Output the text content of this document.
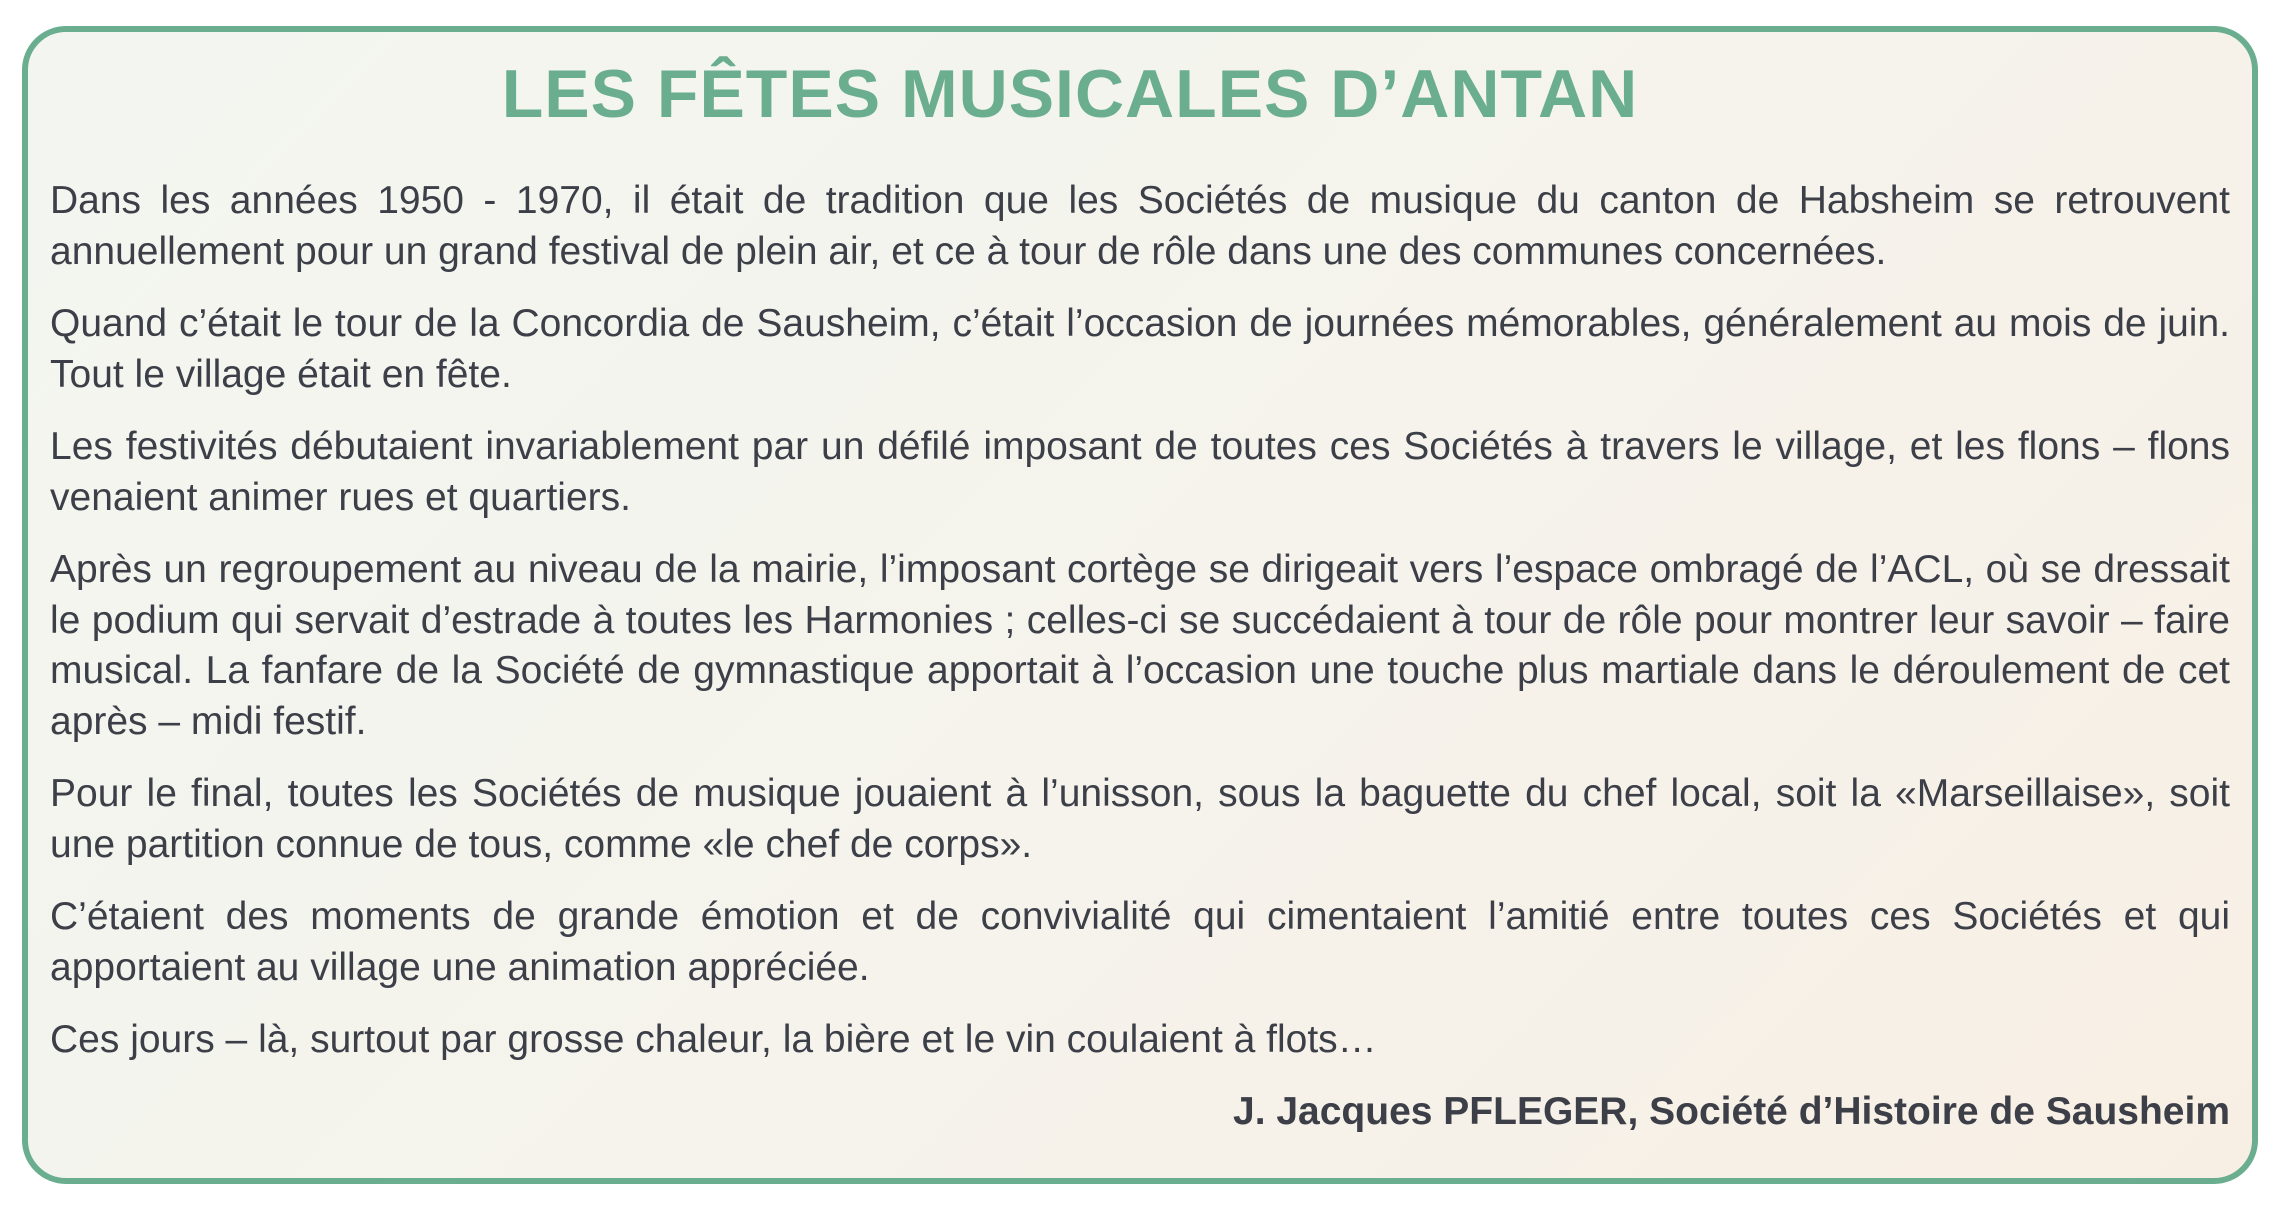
LES FÊTES MUSICALES D’ANTAN

Dans les années 1950 - 1970, il était de tradition que les Sociétés de musique du canton de Habsheim se retrouvent annuellement pour un grand festival de plein air, et ce à tour de rôle dans une des communes concernées.

Quand c’était le tour de la Concordia de Sausheim, c’était l’occasion de journées mémorables, généralement au mois de juin. Tout le village était en fête.

Les festivités débutaient invariablement par un défilé imposant de toutes ces Sociétés à travers le village, et les flons – flons venaient animer rues et quartiers.

Après un regroupement au niveau de la mairie, l’imposant cortège se dirigeait vers l’espace ombragé de l’ACL, où se dressait le podium qui servait d’estrade à toutes les Harmonies ; celles-ci se succédaient à tour de rôle pour montrer leur savoir – faire musical. La fanfare de la Société de gymnastique apportait à l’occasion une touche plus martiale dans le déroulement de cet après – midi festif.

Pour le final, toutes les Sociétés de musique jouaient à l’unisson, sous la baguette du chef local, soit la «Marseillaise», soit une partition connue de tous, comme «le chef de corps».

C’étaient des moments de grande émotion et de convivialité qui cimentaient l’amitié entre toutes ces Sociétés et qui apportaient au village une animation appréciée.

Ces jours – là, surtout par grosse chaleur, la bière et le vin coulaient à flots…

J. Jacques PFLEGER, Société d’Histoire de Sausheim
